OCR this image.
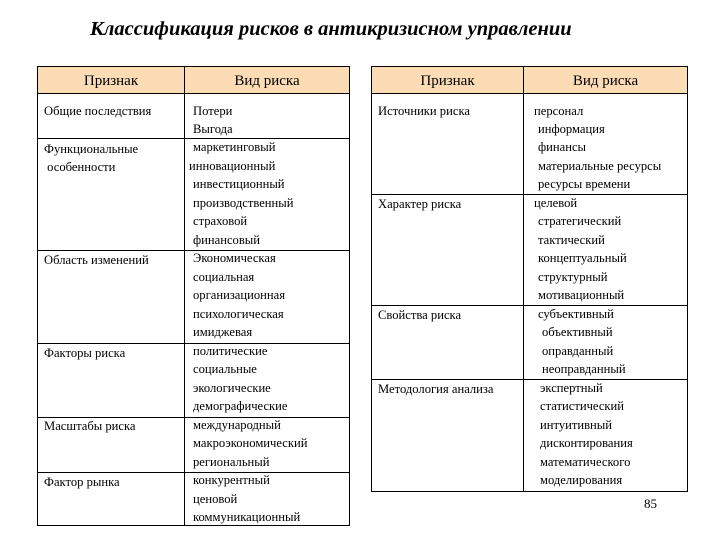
Классификация рисков в антикризисном управлении
Признак	Вид риска
Общие последствия
Функциональные
особенности
Область изменений
Факторы риска
Масштабы риска
Фактор рынка
Потери
Выгода
маркетинговый
инновационный
инвестиционный
производственный
страховой
финансовый
Экономическая
социальная
организационная
психологическая
имиджевая
политические
социальные
экологические
демографические
международный
макроэкономический
региональный
конкурентный
ценовой
коммуникационный
Признак	Вид риска
Источники риска
Характер риска
Свойства риска
Методология анализа
персонал
информация
финансы
материальные ресурсы
ресурсы времени
целевой
стратегический
тактический
концептуальный
структурный
мотивационный
субъективный
объективный
оправданный
неоправданный
экспертный
статистический
интуитивный
дисконтирования
математического
моделирования
85
